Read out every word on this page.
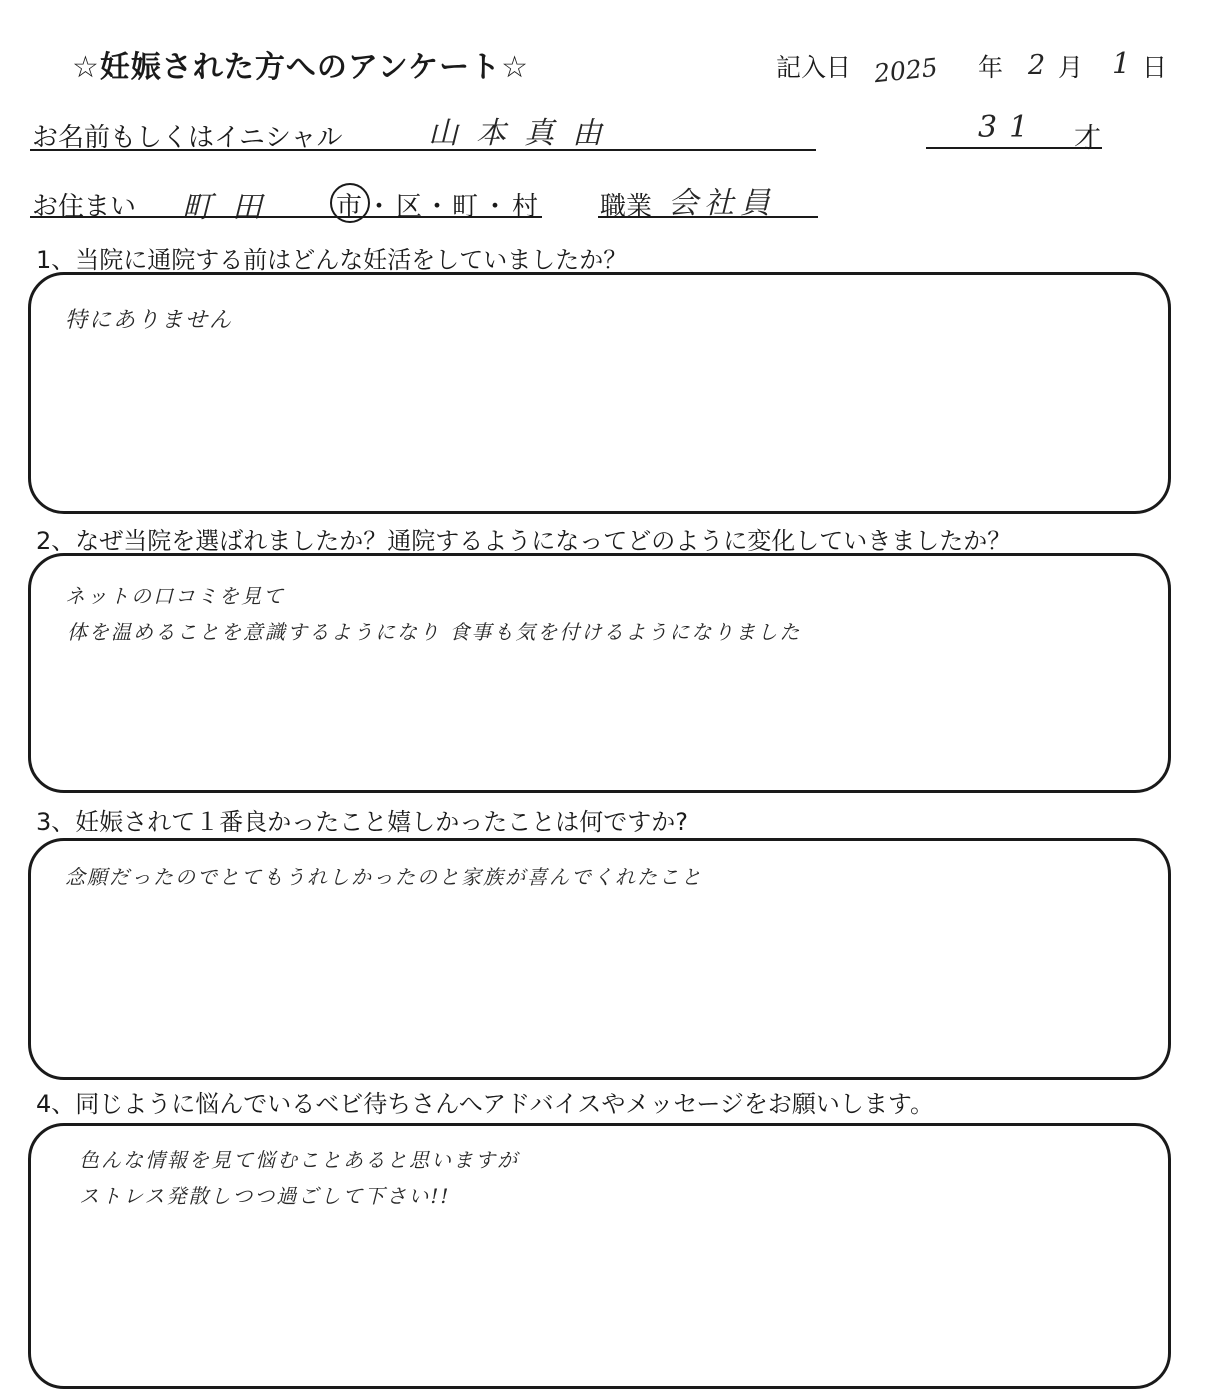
☆妊娠された方へのアンケート☆	記入日 2025 年 2 月 1 日
お名前もしくはイニシャル	山本真由	31 才
お住まい 町田 市 ・ 区 ・ 町 ・ 村 職業 会社員
1、当院に通院する前はどんな妊活をしていましたか？
特にありません
2、なぜ当院を選ばれましたか？通院するようになってどのように変化していきましたか？
ネットの口コミを見て
体を温めることを意識するようになり 食事も気を付けるようになりました
3、妊娠されて１番良かったこと嬉しかったことは何ですか?
念願だったのでとてもうれしかったのと家族が喜んでくれたこと
4、同じように悩んでいるベビ待ちさんへアドバイスやメッセージをお願いします。
色んな情報を見て悩むことあると思いますが
ストレス発散しつつ過ごして下さい!!
